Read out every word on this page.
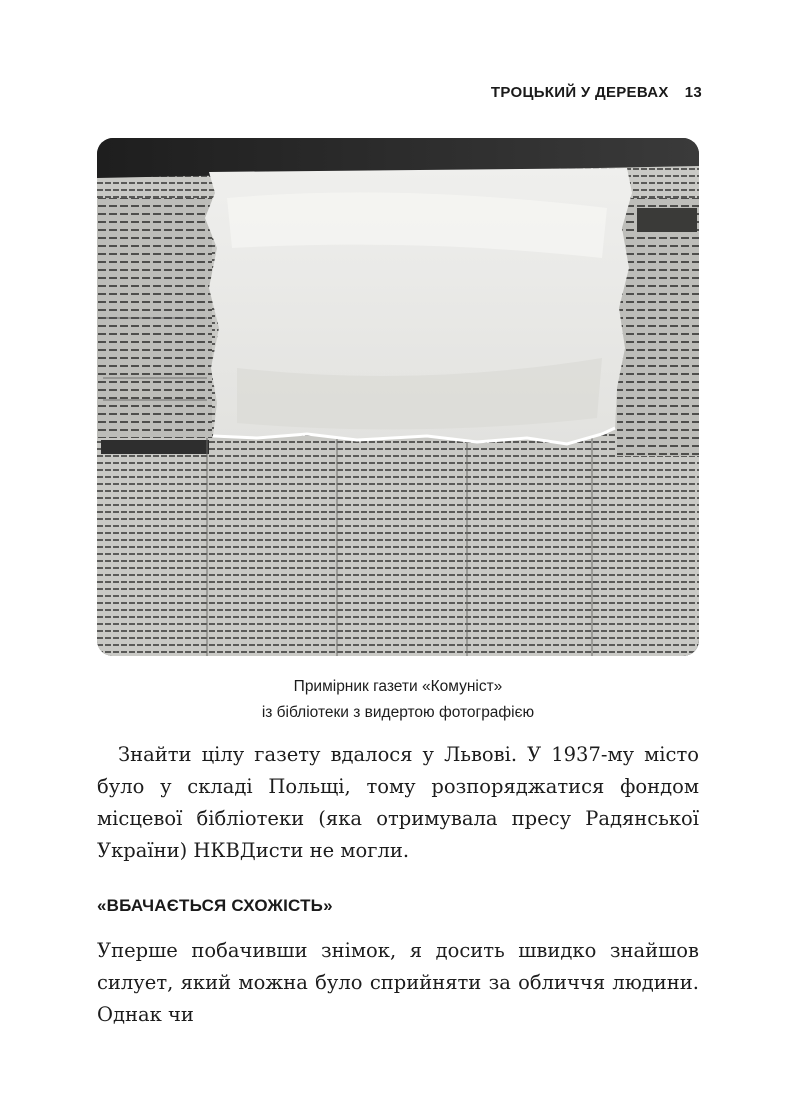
ТРОЦЬКИЙ У ДЕРЕВАХ 13
Примірник газети «Комуніст»
із бібліотеки з видертою фотографією
Знайти цілу газету вдалося у Львові. У 1937-му місто було у складі Польщі, тому розпоряджатися фондом місцевої бібліотеки (яка отримувала пресу Радянської України) НКВДисти не могли.
«ВБАЧАЄТЬСЯ СХОЖІСТЬ»
Уперше побачивши знімок, я досить швидко знайшов силует, який можна було сприйняти за обличчя людини. Однак чи
